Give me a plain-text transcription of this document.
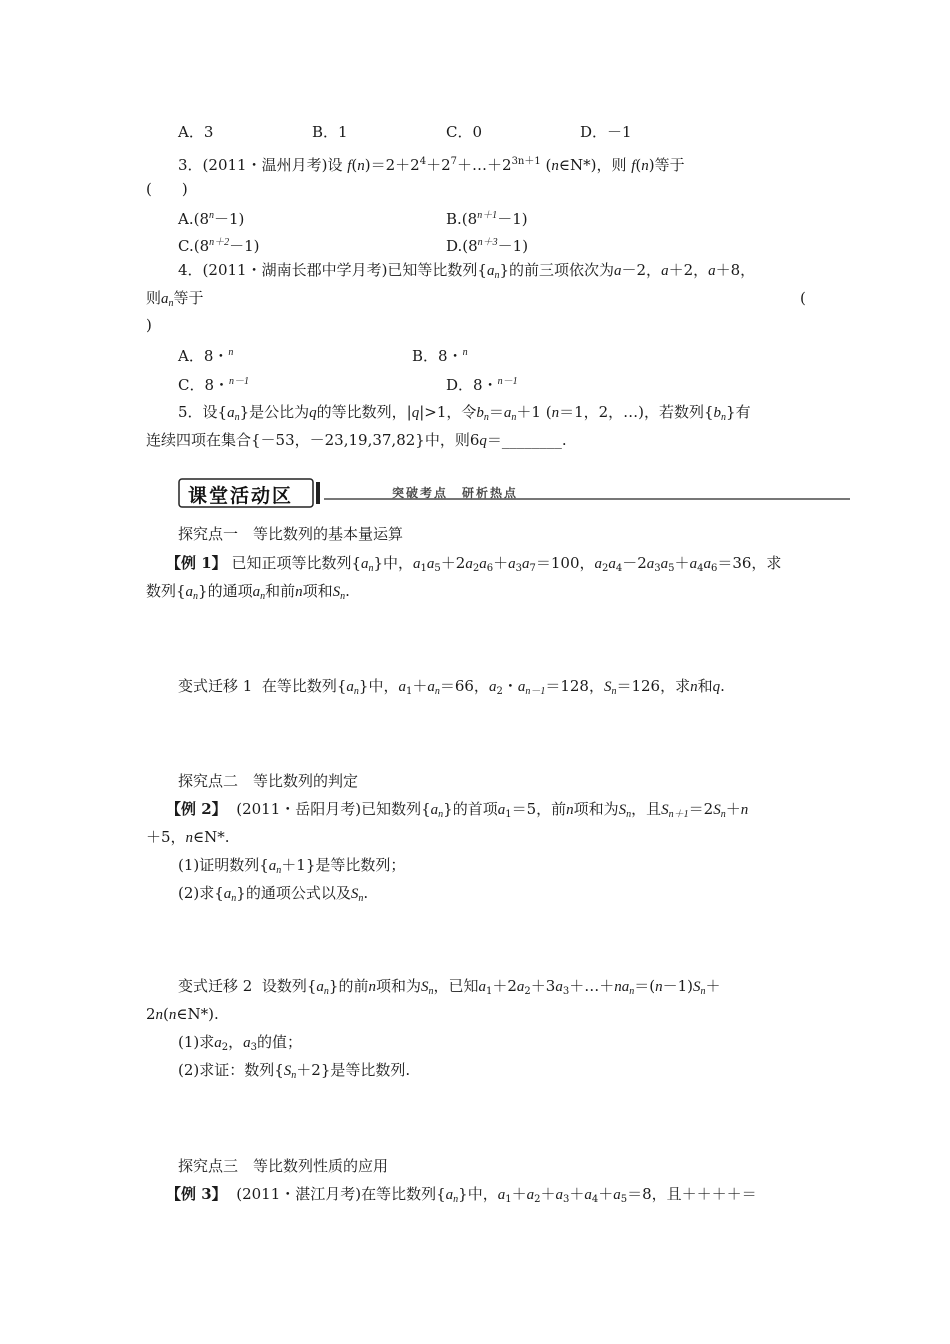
A．3	B．1	C．0	D．－1
3．(2011・温州月考)设 $f(n)=2+2^4+2^7+\dots+2^{3n+1}$ (n∈N*)，则 f(n)等于
(　　)
$A.(8^n-1)$	$B.(8^{n+1}-1)$
$C.(8^{n+2}-1)$	$D.(8^{n+3}-1)$
4．(2011・湖南长郡中学月考)已知等比数列$\{a_n\}$的前三项依次为a－2，a＋2，a＋8，
则$a_n$等于	(
)
A．8・$^n$	B．8・$^n$
C．8・$^{n-1}$	D．8・$^{n-1}$
5．设$\{a_n\}$是公比为q的等比数列，|q|>1，令$b_n=a_n+1$ (n＝1，2，…)，若数列$\{b_n\}$有
连续四项在集合{－53，－23,19,37,82}中，则6q＝________.
课堂活动区	突破考点　研析热点
探究点一　等比数列的基本量运算
【例 1】 已知正项等比数列$\{a_n\}$中，$a_1a_5+2a_2a_6+a_3a_7=100$，$a_2a_4-2a_3a_5+a_4a_6=36$，求
数列$\{a_n\}$的通项$a_n$和前n项和$S_n$.
变式迁移 1 在等比数列$\{a_n\}$中，$a_1+a_n=66$，$a_2$・$a_{n-1}=128$，$S_n=126$，求n和q.
探究点二　等比数列的判定
【例 2】 (2011・岳阳月考)已知数列$\{a_n\}$的首项$a_1=5$，前n项和为$S_n$，且$S_{n+1}=2S_n+n$
＋5，n∈N*.
(1)证明数列$\{a_n+1\}$是等比数列；
(2)求$\{a_n\}$的通项公式以及$S_n$.
变式迁移 2 设数列$\{a_n\}$的前n项和为$S_n$，已知$a_1+2a_2+3a_3+\dots+na_n=(n-1)S_n+$
2n(n∈N*).
(1)求$a_2$，$a_3$的值；
(2)求证：数列$\{S_n+2\}$是等比数列.
探究点三　等比数列性质的应用
【例 3】 (2011・湛江月考)在等比数列$\{a_n\}$中，$a_1+a_2+a_3+a_4+a_5=8$，且＋＋＋＋＝
